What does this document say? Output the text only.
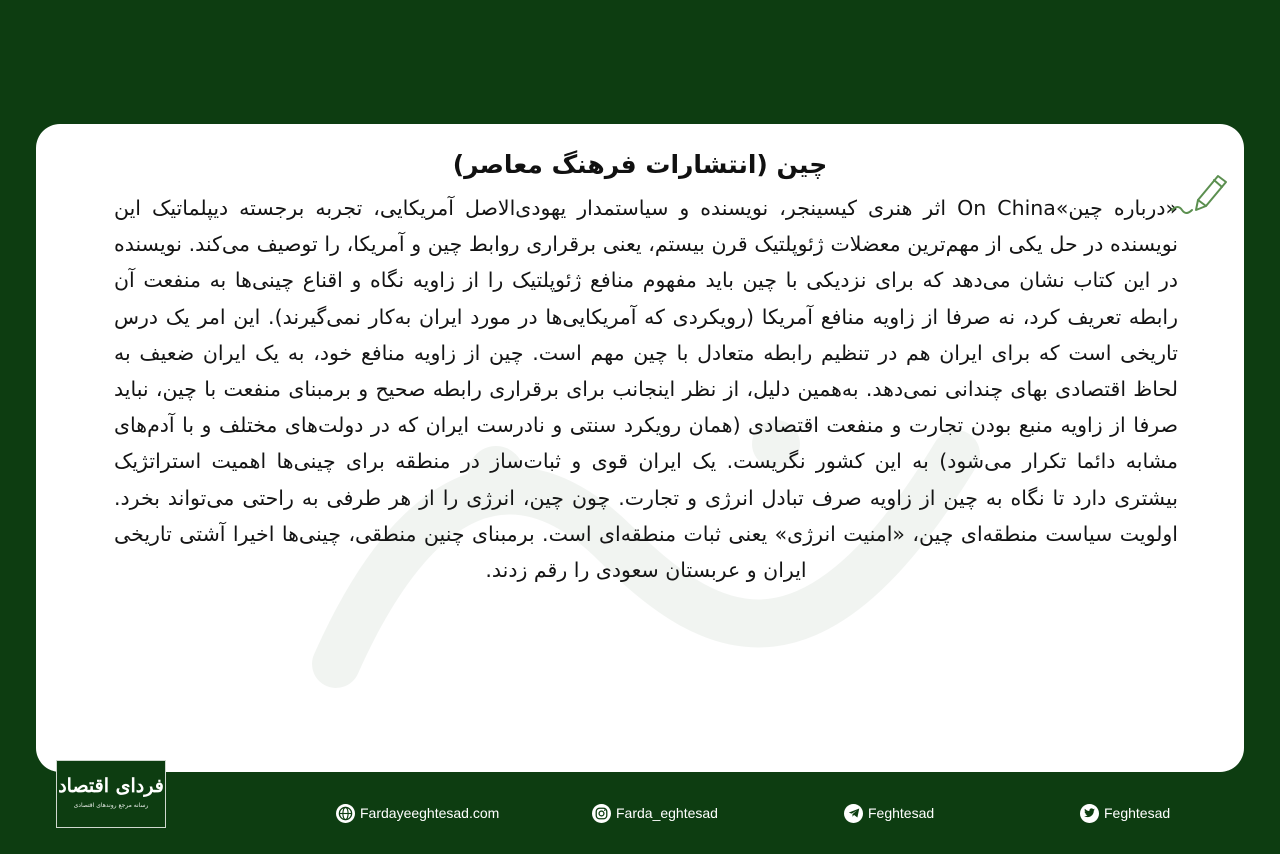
چین (انتشارات فرهنگ معاصر)
«درباره چین»On China اثر هنری کیسینجر، نویسنده و سیاستمدار یهودی‌الاصل آمریکایی، تجربه برجسته دیپلماتیک این نویسنده در حل یکی از مهم‌ترین معضلات ژئوپلتیک قرن بیستم، یعنی برقراری روابط چین و آمریکا، را توصیف می‌کند. نویسنده در این کتاب نشان می‌دهد که برای نزدیکی با چین باید مفهوم منافع ژئوپلتیک را از زاویه نگاه و اقناع چینی‌ها به منفعت آن رابطه تعریف کرد، نه صرفا از زاویه منافع آمریکا (رویکردی که آمریکایی‌ها در مورد ایران به‌کار نمی‌گیرند). این امر یک درس تاریخی است که برای ایران هم در تنظیم رابطه متعادل با چین مهم است. چین از زاویه منافع خود، به یک ایران ضعیف به لحاظ اقتصادی بهای چندانی نمی‌دهد. به‌همین دلیل، از نظر اینجانب برای برقراری رابطه صحیح و برمبنای منفعت با چین، نباید صرفا از زاویه منبع بودن تجارت و منفعت اقتصادی (همان رویکرد سنتی و نادرست ایران که در دولت‌های مختلف و با آدم‌های مشابه دائما تکرار می‌شود) به این کشور نگریست. یک ایران قوی و ثبات‌ساز در منطقه برای چینی‌ها اهمیت استراتژیک بیشتری دارد تا نگاه به چین از زاویه صرف تبادل انرژی و تجارت. چون چین، انرژی را از هر طرفی به راحتی می‌تواند بخرد. اولویت سیاست منطقه‌ای چین، «امنیت انرژی» یعنی ثبات منطقه‌ای است. برمبنای چنین منطقی، چینی‌ها اخیرا آشتی تاریخی ایران و عربستان سعودی را رقم زدند.
فردای اقتصاد
رسانه مرجع روندهای اقتصادی	Fardayeeghtesad.com	Farda_eghtesad	Feghtesad	Feghtesad
